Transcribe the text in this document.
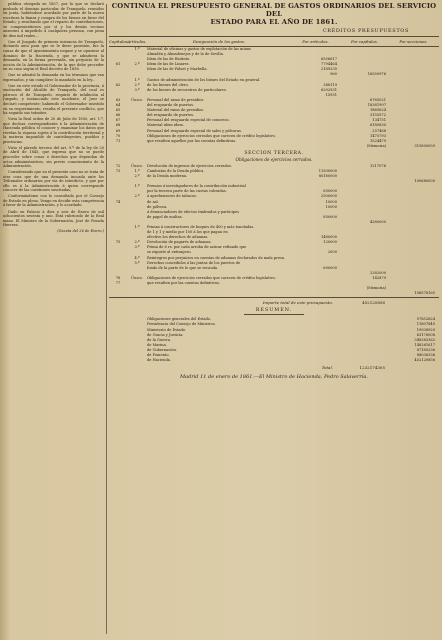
pública otorgada en 1857, por la que se declaró probado el dominio particular de Tranquelo, reunidos en junta, habiéndose acordado por parte de la nueva escritura la fianza y compra de los bienes en favor del Estado; y resultando que el reparto de contribuciones, se comprometieron por sí y los demás vecinos ausentes á impedirlo á cualquiera persona, con pena de diez mil reales...

Que el Juzgado de primera instancia de Tranquelo, dictando auto para que se le diese posesión, fue la causa de que el Ayuntamiento negase y se opusiese al dominio de la Hacienda, y que se admitiera la demanda, en la forma prevenida, sin perjuicio de la acción de la Administración, de la que debe proceder en su caso según el Real decreto de 1858.

Que se admitió la demanda en los términos que van expresados, y sin cumplirse lo mandado en la ley...

Que en este estado el Gobernador de la provincia, á excitación del Alcalde de Tranquelo, del cual es párroco el de Tranquelo, requirió de inhibición al Juzgado, y sustanciado este incidente, el Juez se declaró competente; habiendo el Gobernador insistido en su requerimiento, resulta el presente conflicto, que ha seguido sus trámites.

Vista la Real orden de 20 de Julio de 1850, art. 1.º, que declara correspondiente á la Administración de Hacienda pública el conocer y examinar los datos que revelan la riqueza sujeta á la contribución territorial y la materia imponible de contribuyentes, pueblos y provincias.

Visto el párrafo tercero del art. 9.º de la ley de 20 de Abril de 1845, que expresa que no se puede proceder sobre cosas ó derechos que dependan de actos administrativos, sin previo conocimiento de la Administración.

Considerando que en el presente caso no se trata de otra cosa que de una demanda incoada ante los Tribunales ordinarios por vía de interdicto, y que por ello es á la Administración á quien corresponde conocer de las cuestiones suscitadas;

Conformándome con lo consultado por el Consejo de Estado en pleno, Vengo en decidir esta competencia á favor de la Administración, y lo acordado.

Dado en Palacio á diez y seis de Enero de mil ochocientos sesenta y uno. Está rubricado de la Real mano. El Ministro de la Gobernación, José de Posada Herrera.

(Gaceta del 26 de Enero.)

CONTINUA EL PRESUPUESTO GENERAL DE GASTOS ORDINARIOS DEL SERVICIO DEL
ESTADO PARA EL AÑO DE 1861.
CRÉDITOS PRESUPUESTOS
Capítulos.
Artículos.	Designación de los gastos.	Por artículos.	Por capítulos.	Por secciones.
1.º	Material de oficinas y gastos de explotación de las minas
Almadén y Almadenejos y de la de Sevilla.
Idem de las de Riotinto.	6556617
61	2.º	Idem de las de Linares.	7794464
Idem de las de Falset y Marbella.	2189235
960	16550976
1.º	Gastos de administración de los bienes del Estado en general.
62	2.º	de los bienes del clero.	388119
3.º	de los bienes de secuestros de particulares.	6292931
15931
63	Único.	Personal del ramo de presidios.	6765021
64	del resguardo de puertos.	18381997
65	Material del ramo de presidios.	1865624
66	del resguardo de puertos.	3155572
67	Personal del resguardo especial de comercio.	134751
68	Material idem idem.	6180830
69	Personal del resguardo especial de sales y pólvoras.	257488
70	Obligaciones de ejercicios cerrados que carecen de crédito legislativo.	1475793
71	que resulten aquellos por las cuentas definitivas.	1524479
(Memoria)	315800059
SECCION TERCERA.
Obligaciones de ejercicios cerrados.
72	Único.	Devolución de ingresos de ejercicios cerrados.	1217076
73	1.º	Cambistas de la Deuda pública.	11500000
2.º	de la Deuda moderna.	80180000
100680000
1.º	Premios á investigadores de la contribución industrial
por la tercera parte de las cuotas cobradas.	850000
2.º	á aprehensores de tabacos.	2500000
74	de sal.	10000
de pólvora.	10000
á denunciadores de efectos timbrados y partícipes
de papel de multas.	850000
4280000
1.º	Primas á constructores de buques de 400 y más toneladas.
de 1 y 1 y medio por 100 á los que pagan en
efectivo los derechos de aduanas.	1480000
75	2.º	Devolución de pagarés de aduanas.	120000
3.º	Prima de 6 rs. por cada arroba de azúcar refinado que
se exporte al extranjero.	2000
4.º	Reintegros por perjuicios en cuentas de aduanas declarados de mala presa.
5.º	Derechos concedidos á las juntas de los puertos de
fondo de la parte de lo que se recauda.	600000
2282000
76	Único.	Obligaciones de ejercicios cerrados que carecen de crédito legislativo.	142879
77	que resulten por las cuentas definitivas.
(Memoria)
108578165
Importe total de este presupuesto.	452120856
RESUMEN.
Obligaciones generales del Estado.	57852624
Presidencia del Consejo de Ministros.	11807849
Ministerio de Estado.	19938929
de Gracia y Justicia.	63178008
de la Guerra.	348383362
de Marina.	148261617
de Gobernación.	87180236
de Fomento.	88036336
de Hacienda.	452120856
Total.	1232174305
Madrid 11 de enero de 1861.—El Ministro de Hacienda, Pedro Salaverría.
